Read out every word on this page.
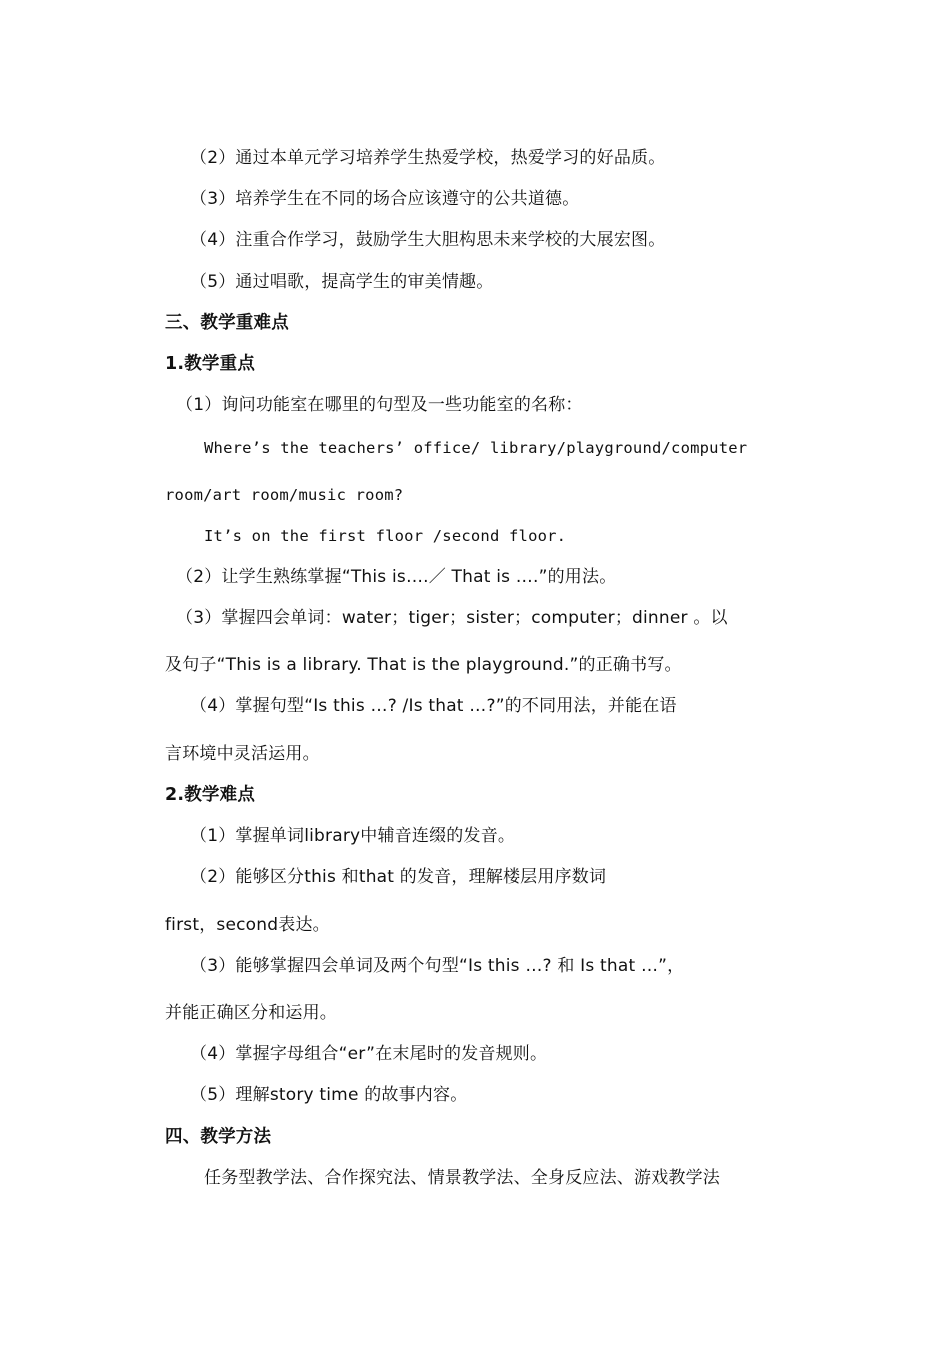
（2）通过本单元学习培养学生热爱学校，热爱学习的好品质。
（3）培养学生在不同的场合应该遵守的公共道德。
（4）注重合作学习，鼓励学生大胆构思未来学校的大展宏图。
（5）通过唱歌，提高学生的审美情趣。
三、教学重难点
1.教学重点
（1）询问功能室在哪里的句型及一些功能室的名称：
Where’s the teachers’ office/ library/playground/computer
room/art room/music room?
It’s on the first floor /second floor.
（2）让学生熟练掌握“This is….／ That is ….”的用法。
（3）掌握四会单词：water；tiger；sister；computer；dinner 。以
及句子“This is a library. That is the playground.”的正确书写。
（4）掌握句型“Is this …? /Is that …?”的不同用法，并能在语
言环境中灵活运用。
2.教学难点
（1）掌握单词library中辅音连缀的发音。
（2）能够区分this 和that 的发音，理解楼层用序数词
first，second表达。
（3）能够掌握四会单词及两个句型“Is this …? 和 Is that …”，
并能正确区分和运用。
（4）掌握字母组合“er”在末尾时的发音规则。
（5）理解story time 的故事内容。
四、教学方法
任务型教学法、合作探究法、情景教学法、全身反应法、游戏教学法
